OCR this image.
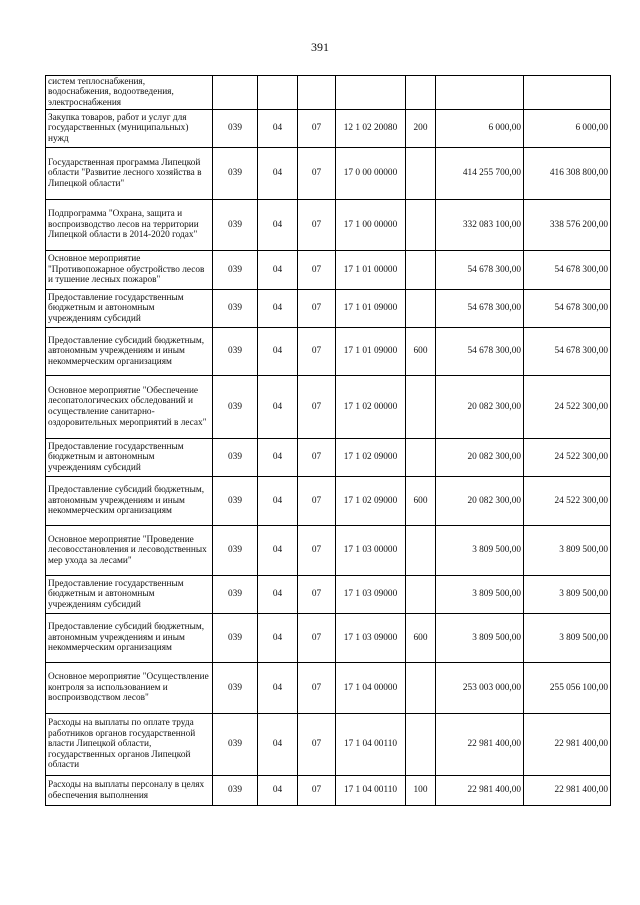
391
систем теплоснабжения, водоснабжения, водоотведения, электроснабжения							
Закупка товаров, работ и услуг для государственных (муниципальных) нужд	039	04	07	12 1 02 20080	200	6 000,00	6 000,00
Государственная программа Липецкой области "Развитие лесного хозяйства в Липецкой области"	039	04	07	17 0 00 00000		414 255 700,00	416 308 800,00
Подпрограмма "Охрана, защита и воспроизводство лесов на территории Липецкой области в 2014-2020 годах"	039	04	07	17 1 00 00000		332 083 100,00	338 576 200,00
Основное мероприятие "Противопожарное обустройство лесов и тушение лесных пожаров"	039	04	07	17 1 01 00000		54 678 300,00	54 678 300,00
Предоставление государственным бюджетным и автономным учреждениям субсидий	039	04	07	17 1 01 09000		54 678 300,00	54 678 300,00
Предоставление субсидий бюджетным, автономным учреждениям и иным некоммерческим организациям	039	04	07	17 1 01 09000	600	54 678 300,00	54 678 300,00
Основное мероприятие "Обеспечение лесопатологических обследований и осуществление санитарно-оздоровительных мероприятий в лесах"	039	04	07	17 1 02 00000		20 082 300,00	24 522 300,00
Предоставление государственным бюджетным и автономным учреждениям субсидий	039	04	07	17 1 02 09000		20 082 300,00	24 522 300,00
Предоставление субсидий бюджетным, автономным учреждениям и иным некоммерческим организациям	039	04	07	17 1 02 09000	600	20 082 300,00	24 522 300,00
Основное мероприятие "Проведение лесовосстановления и лесоводственных мер ухода за лесами"	039	04	07	17 1 03 00000		3 809 500,00	3 809 500,00
Предоставление государственным бюджетным и автономным учреждениям субсидий	039	04	07	17 1 03 09000		3 809 500,00	3 809 500,00
Предоставление субсидий бюджетным, автономным учреждениям и иным некоммерческим организациям	039	04	07	17 1 03 09000	600	3 809 500,00	3 809 500,00
Основное мероприятие "Осуществление контроля за использованием и воспроизводством лесов"	039	04	07	17 1 04 00000		253 003 000,00	255 056 100,00
Расходы на выплаты по оплате труда работников органов государственной власти Липецкой области, государственных органов Липецкой области	039	04	07	17 1 04 00110		22 981 400,00	22 981 400,00
Расходы на выплаты персоналу в целях обеспечения выполнения	039	04	07	17 1 04 00110	100	22 981 400,00	22 981 400,00
